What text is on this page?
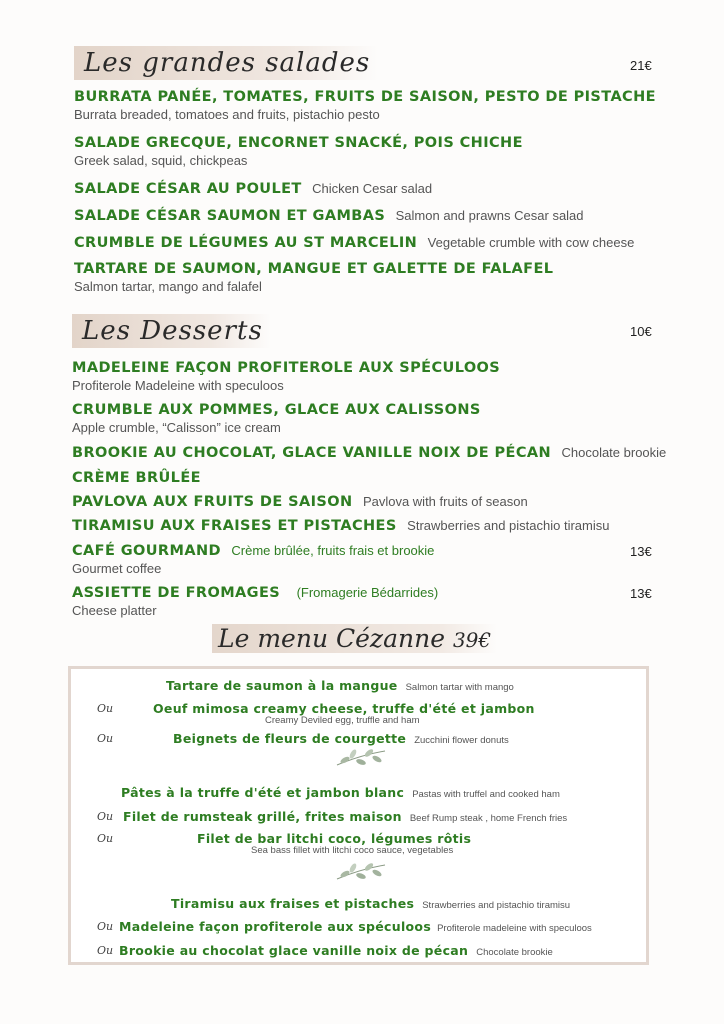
Les grandes salades	21€
BURRATA PANÉE, TOMATES, FRUITS DE SAISON, PESTO DE PISTACHE
Burrata breaded, tomatoes and fruits, pistachio pesto
SALADE GRECQUE, ENCORNET SNACKÉ, POIS CHICHE
Greek salad, squid, chickpeas
SALADE CÉSAR AU POULET Chicken Cesar salad
SALADE CÉSAR SAUMON ET GAMBAS Salmon and prawns Cesar salad
CRUMBLE DE LÉGUMES AU ST MARCELIN Vegetable crumble with cow cheese
TARTARE DE SAUMON, MANGUE ET GALETTE DE FALAFEL
Salmon tartar, mango and falafel
Les Desserts	10€
MADELEINE FAÇON PROFITEROLE AUX SPÉCULOOS
Profiterole Madeleine with speculoos
CRUMBLE AUX POMMES, GLACE AUX CALISSONS
Apple crumble, “Calisson” ice cream
BROOKIE AU CHOCOLAT, GLACE VANILLE NOIX DE PÉCAN Chocolate brookie
CRÈME BRÛLÉE
PAVLOVA AUX FRUITS DE SAISON Pavlova with fruits of season
TIRAMISU AUX FRAISES ET PISTACHES Strawberries and pistachio tiramisu
CAFÉ GOURMAND Crème brûlée, fruits frais et brookie
Gourmet coffee
ASSIETTE DE FROMAGES (Fromagerie Bédarrides)
Cheese platter
13€
13€
Le menu Cézanne 39€
Tartare de saumon à la mangue Salmon tartar with mango
Ou	Oeuf mimosa creamy cheese, truffe d'été et jambon
Creamy Deviled egg, truffle and ham
Ou	Beignets de fleurs de courgette Zucchini flower donuts
Pâtes à la truffe d'été et jambon blanc Pastas with truffel and cooked ham
Ou Filet de rumsteak grillé, frites maison Beef Rump steak , home French fries
Ou	Filet de bar litchi coco, légumes rôtis
Sea bass fillet with litchi coco sauce, vegetables
Tiramisu aux fraises et pistaches Strawberries and pistachio tiramisu
Ou Madeleine façon profiterole aux spéculoos Profiterole madeleine with speculoos
Ou Brookie au chocolat glace vanille noix de pécan Chocolate brookie
